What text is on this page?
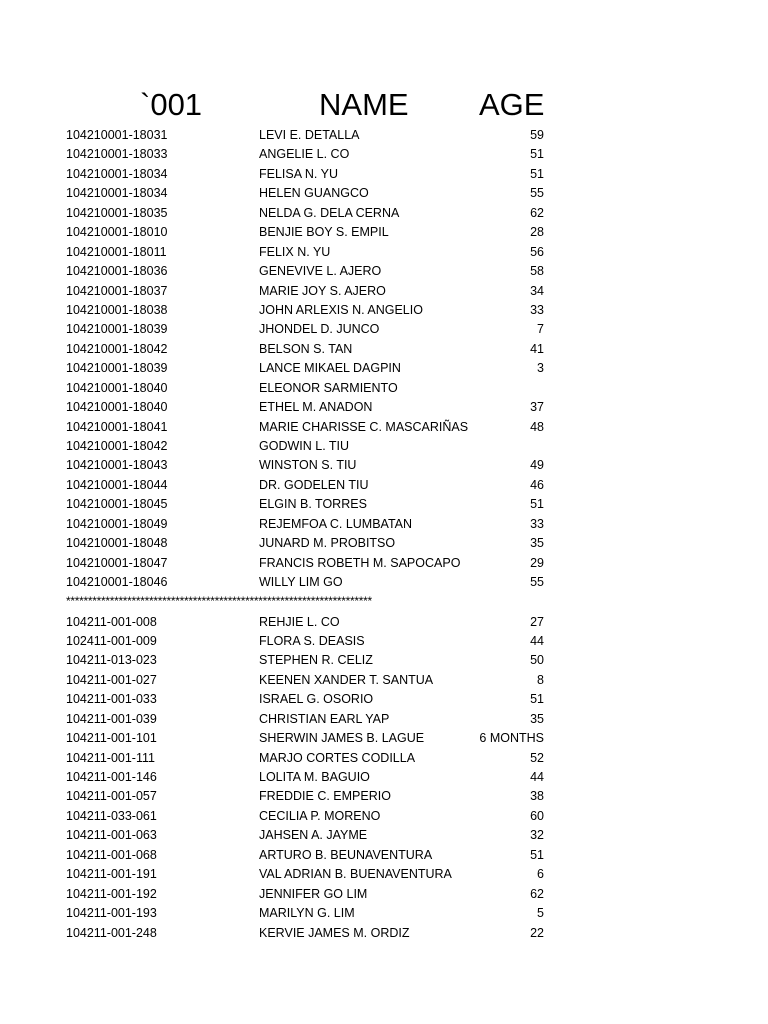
`001	NAME AGE
104210001-18031	LEVI E. DETALLA	59
104210001-18033	ANGELIE L. CO	51
104210001-18034	FELISA N. YU	51
104210001-18034	HELEN GUANGCO	55
104210001-18035	NELDA G. DELA CERNA	62
104210001-18010	BENJIE BOY S. EMPIL	28
104210001-18011	FELIX N. YU	56
104210001-18036	GENEVIVE L. AJERO	58
104210001-18037	MARIE JOY S. AJERO	34
104210001-18038	JOHN ARLEXIS N. ANGELIO	33
104210001-18039	JHONDEL D. JUNCO	7
104210001-18042	BELSON S. TAN	41
104210001-18039	LANCE MIKAEL DAGPIN	3
104210001-18040	ELEONOR SARMIENTO
104210001-18040	ETHEL M. ANADON	37
104210001-18041	MARIE CHARISSE C. MASCARIÑAS	48
104210001-18042	GODWIN L. TIU
104210001-18043	WINSTON S. TIU	49
104210001-18044	DR. GODELEN TIU	46
104210001-18045	ELGIN B. TORRES	51
104210001-18049	REJEMFOA C. LUMBATAN	33
104210001-18048	JUNARD M. PROBITSO	35
104210001-18047	FRANCIS ROBETH M. SAPOCAPO	29
104210001-18046	WILLY LIM GO	55
**********************************************************************
104211-001-008	REHJIE L. CO	27
102411-001-009	FLORA S. DEASIS	44
104211-013-023	STEPHEN R. CELIZ	50
104211-001-027	KEENEN XANDER T. SANTUA	8
104211-001-033	ISRAEL G. OSORIO	51
104211-001-039	CHRISTIAN EARL YAP	35
104211-001-101	SHERWIN JAMES B. LAGUE	6 MONTHS
104211-001-111	MARJO CORTES CODILLA	52
104211-001-146	LOLITA M. BAGUIO	44
104211-001-057	FREDDIE C. EMPERIO	38
104211-033-061	CECILIA P. MORENO	60
104211-001-063	JAHSEN A. JAYME	32
104211-001-068	ARTURO B. BEUNAVENTURA	51
104211-001-191	VAL ADRIAN B. BUENAVENTURA	6
104211-001-192	JENNIFER GO LIM	62
104211-001-193	MARILYN G. LIM	5
104211-001-248	KERVIE JAMES M. ORDIZ	22
